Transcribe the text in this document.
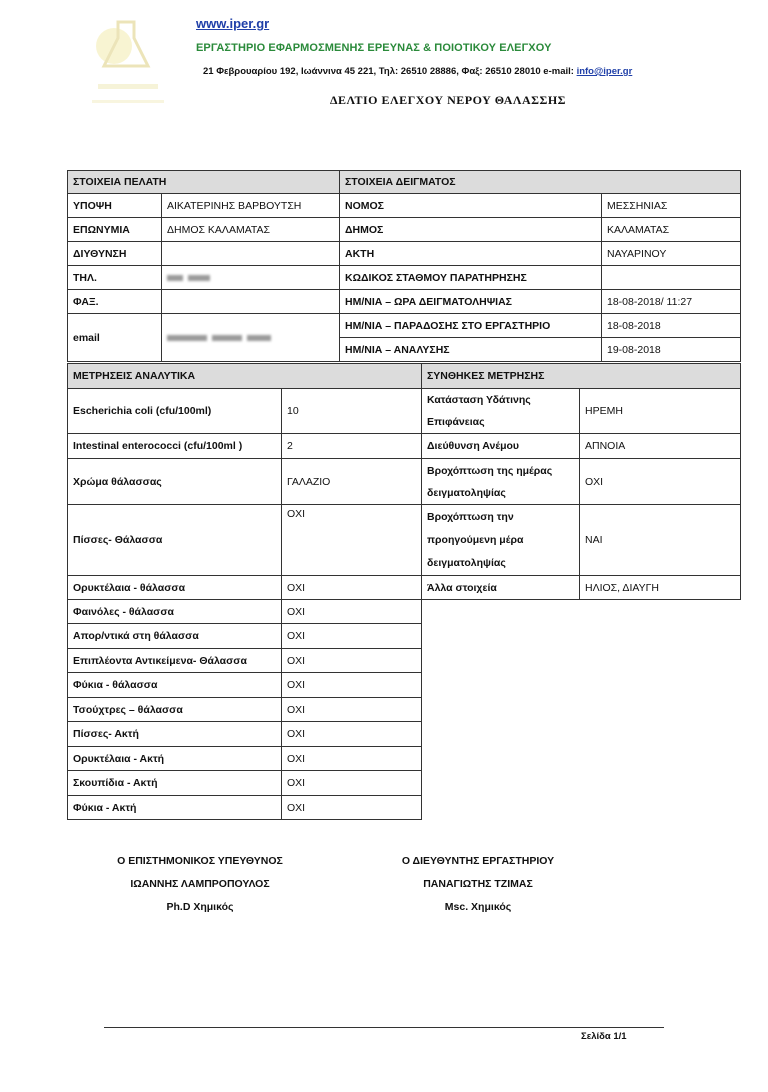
www.iper.gr
ΕΡΓΑΣΤΗΡΙΟ ΕΦΑΡΜΟΣΜΕΝΗΣ ΕΡΕΥΝΑΣ & ΠΟΙΟΤΙΚΟΥ ΕΛΕΓΧΟΥ
21 Φεβρουαρίου 192, Ιωάννινα 45 221, Τηλ: 26510 28886, Φαξ: 26510 28010 e-mail: info@iper.gr
ΔΕΛΤΙΟ ΕΛΕΓΧΟΥ ΝΕΡΟΥ ΘΑΛΑΣΣΗΣ
ΣΤΟΙΧΕΙΑ ΠΕΛΑΤΗ		ΣΤΟΙΧΕΙΑ ΔΕΙΓΜΑΤΟΣ	
ΥΠΟΨΗ	ΑΙΚΑΤΕΡΙΝΗΣ ΒΑΡΒΟΥΤΣΗ	ΝΟΜΟΣ	ΜΕΣΣΗΝΙΑΣ
ΕΠΩΝΥΜΙΑ	ΔΗΜΟΣ ΚΑΛΑΜΑΤΑΣ	ΔΗΜΟΣ	ΚΑΛΑΜΑΤΑΣ
ΔΙΥΘΥΝΣΗ		ΑΚΤΗ	ΝΑΥΑΡΙΝΟΥ
ΤΗΛ.		ΚΩΔΙΚΟΣ ΣΤΑΘΜΟΥ ΠΑΡΑΤΗΡΗΣΗΣ	
ΦΑΞ.		ΗΜ/ΝΙΑ – ΩΡΑ ΔΕΙΓΜΑΤΟΛΗΨΙΑΣ	18-08-2018/ 11:27
email		ΗΜ/ΝΙΑ – ΠΑΡΑΔΟΣΗΣ ΣΤΟ ΕΡΓΑΣΤΗΡΙΟ	18-08-2018
		ΗΜ/ΝΙΑ – ΑΝΑΛΥΣΗΣ	19-08-2018
ΜΕΤΡΗΣΕΙΣ ΑΝΑΛΥΤΙΚΑ	
Escherichia coli (cfu/100ml)	10
Intestinal enterococci (cfu/100ml )	2
Χρώμα θάλασσας	ΓΑΛΑΖΙΟ
Πίσσες- Θάλασσα	ΟΧΙ
Ορυκτέλαια - θάλασσα	ΟΧΙ
Φαινόλες - θάλασσα	ΟΧΙ
Απορ/ντικά στη θάλασσα	ΟΧΙ
Επιπλέοντα Αντικείμενα- Θάλασσα	ΟΧΙ
Φύκια - θάλασσα	ΟΧΙ
Τσούχτρες – θάλασσα	ΟΧΙ
Πίσσες- Ακτή	ΟΧΙ
Ορυκτέλαια - Ακτή	ΟΧΙ
Σκουπίδια - Ακτή	ΟΧΙ
Φύκια - Ακτή	ΟΧΙ
ΣΥΝΘΗΚΕΣ ΜΕΤΡΗΣΗΣ	
Κατάσταση Υδάτινης Επιφάνειας	ΗΡΕΜΗ
Διεύθυνση Ανέμου	ΑΠΝΟΙΑ
Βροχόπτωση της ημέρας δειγματοληψίας	ΟΧΙ
Βροχόπτωση την προηγούμενη μέρα δειγματοληψίας	ΝΑΙ
Άλλα στοιχεία	ΗΛΙΟΣ, ΔΙΑΥΓΗ
Ο ΕΠΙΣΤΗΜΟΝΙΚΟΣ ΥΠΕΥΘΥΝΟΣ
ΙΩΑΝΝΗΣ ΛΑΜΠΡΟΠΟΥΛΟΣ
Ph.D Χημικός
Ο ΔΙΕΥΘΥΝΤΗΣ ΕΡΓΑΣΤΗΡΙΟΥ
ΠΑΝΑΓΙΩΤΗΣ ΤΖΙΜΑΣ
Msc. Χημικός
Σελίδα 1/1
